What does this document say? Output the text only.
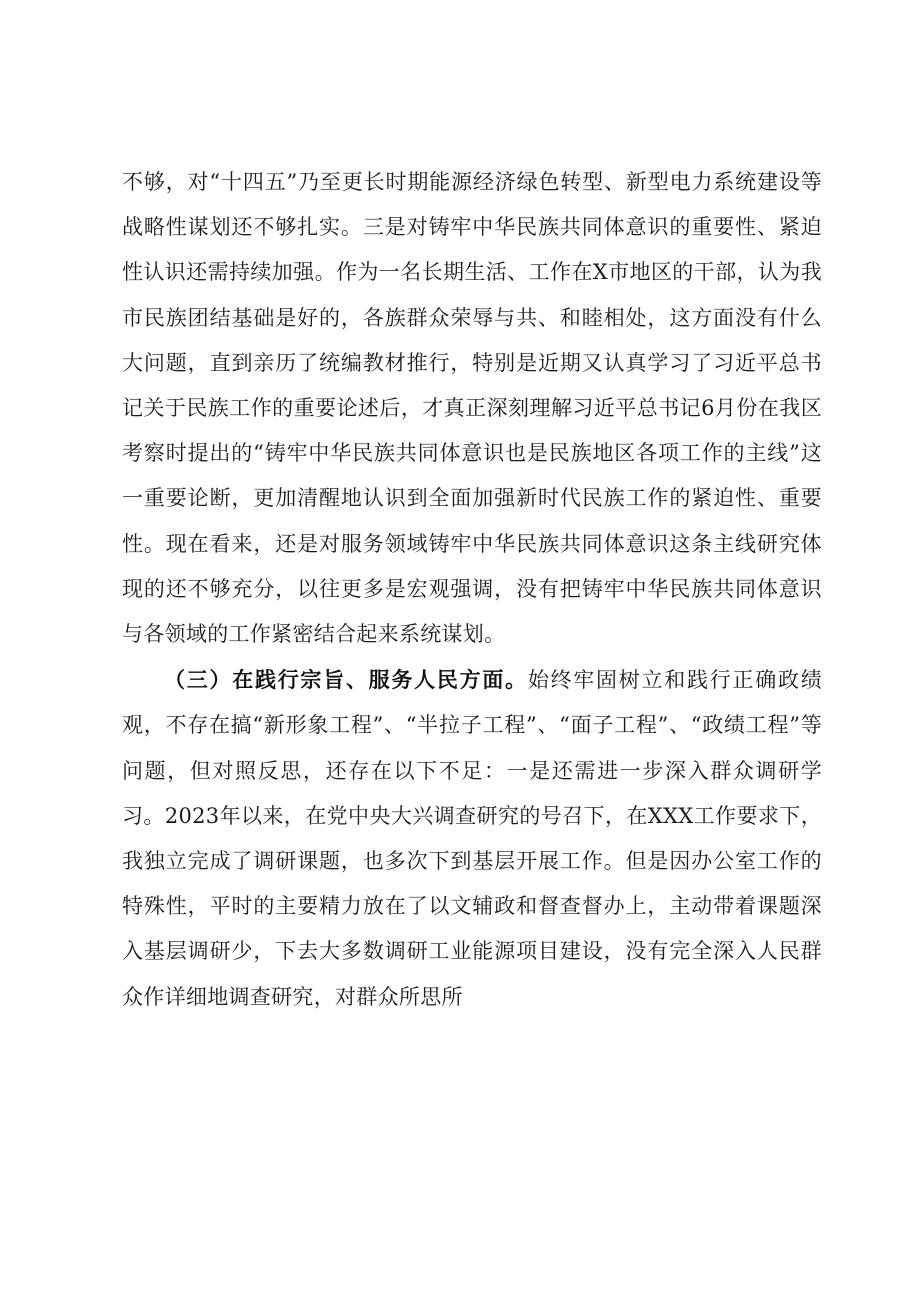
不够，对“十四五”乃至更长时期能源经济绿色转型、新型电力系统建设等战略性谋划还不够扎实。三是对铸牢中华民族共同体意识的重要性、紧迫性认识还需持续加强。作为一名长期生活、工作在X市地区的干部，认为我市民族团结基础是好的，各族群众荣辱与共、和睦相处，这方面没有什么大问题，直到亲历了统编教材推行，特别是近期又认真学习了习近平总书记关于民族工作的重要论述后，才真正深刻理解习近平总书记6月份在我区考察时提出的“铸牢中华民族共同体意识也是民族地区各项工作的主线”这一重要论断，更加清醒地认识到全面加强新时代民族工作的紧迫性、重要性。现在看来，还是对服务领域铸牢中华民族共同体意识这条主线研究体现的还不够充分，以往更多是宏观强调，没有把铸牢中华民族共同体意识与各领域的工作紧密结合起来系统谋划。

（三）在践行宗旨、服务人民方面。始终牢固树立和践行正确政绩观，不存在搞“新形象工程”、“半拉子工程”、“面子工程”、“政绩工程”等问题，但对照反思，还存在以下不足：一是还需进一步深入群众调研学习。2023年以来，在党中央大兴调查研究的号召下，在XXX工作要求下，我独立完成了调研课题，也多次下到基层开展工作。但是因办公室工作的特殊性，平时的主要精力放在了以文辅政和督查督办上，主动带着课题深入基层调研少，下去大多数调研工业能源项目建设，没有完全深入人民群众作详细地调查研究，对群众所思所
